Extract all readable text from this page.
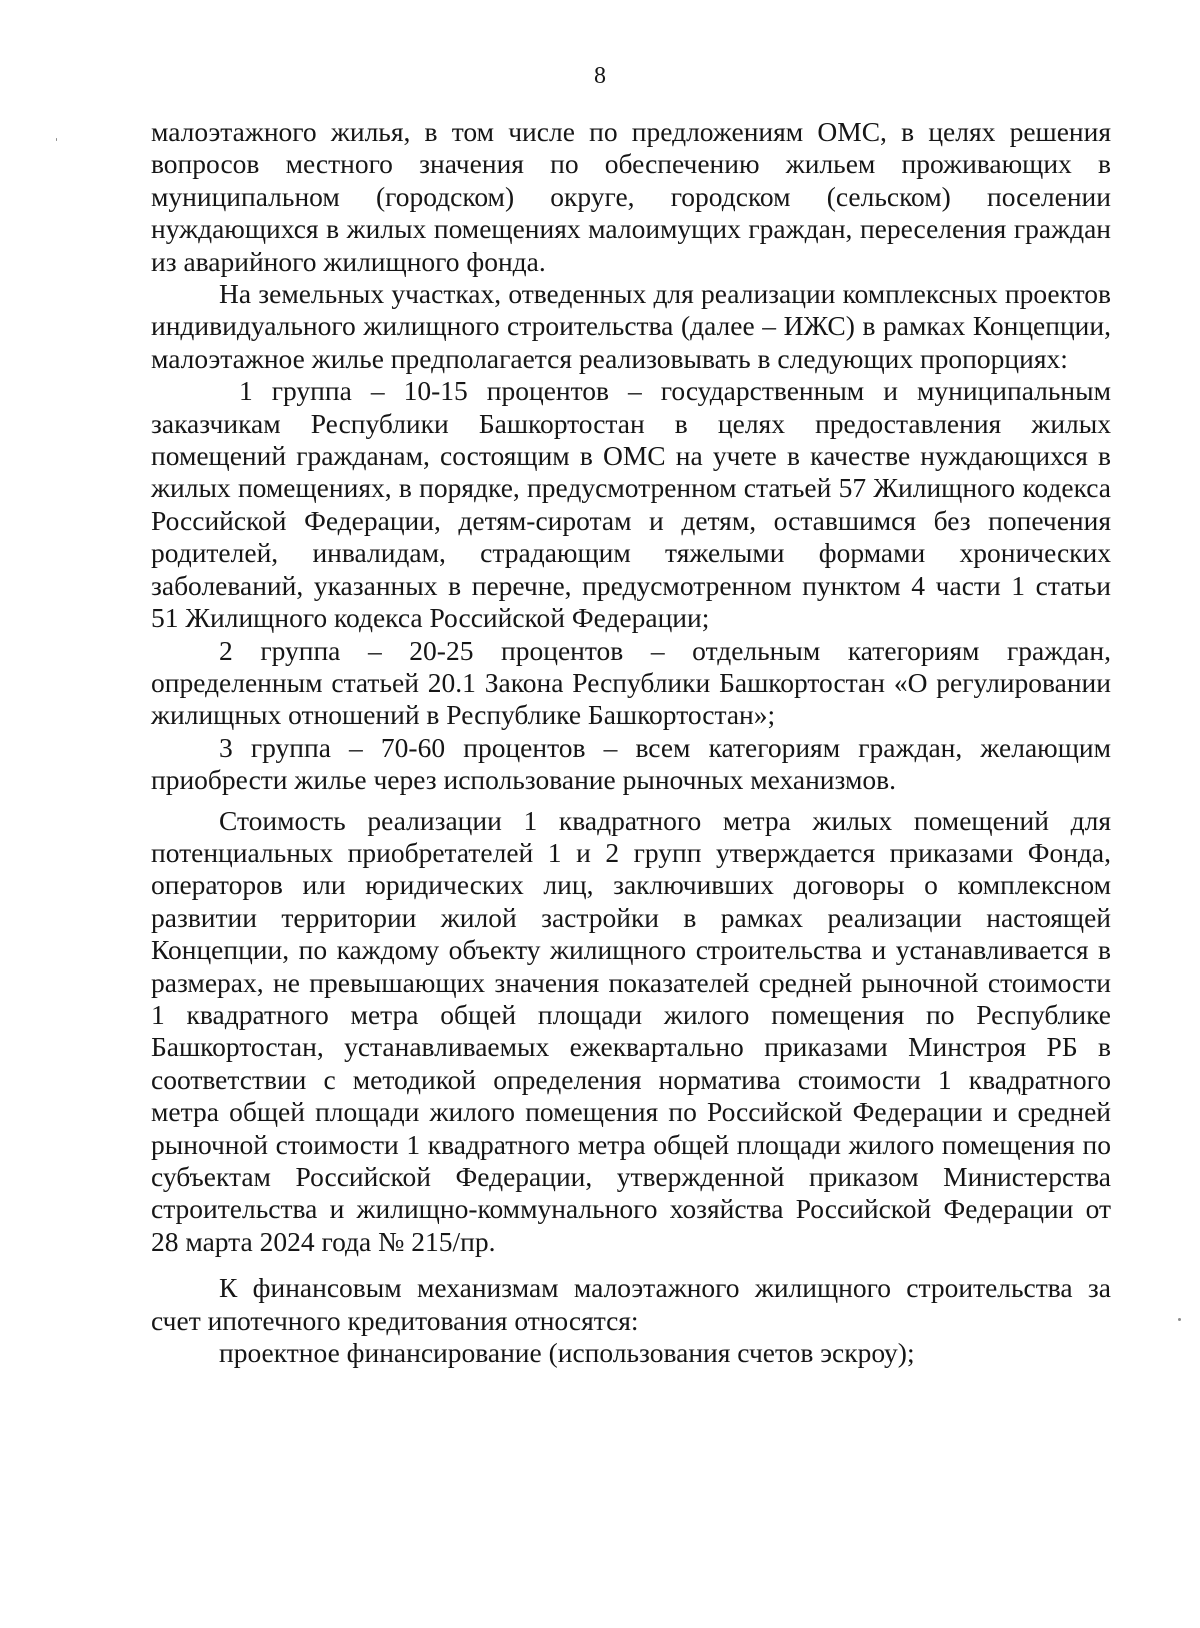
8

малоэтажного жилья, в том числе по предложениям ОМС, в целях решения вопросов местного значения по обеспечению жильем проживающих в муниципальном (городском) округе, городском (сельском) поселении нуждающихся в жилых помещениях малоимущих граждан, переселения граждан из аварийного жилищного фонда.

На земельных участках, отведенных для реализации комплексных проектов индивидуального жилищного строительства (далее – ИЖС) в рамках Концепции, малоэтажное жилье предполагается реализовывать в следующих пропорциях:

1 группа – 10-15 процентов – государственным и муниципальным заказчикам Республики Башкортостан в целях предоставления жилых помещений гражданам, состоящим в ОМС на учете в качестве нуждающихся в жилых помещениях, в порядке, предусмотренном статьей 57 Жилищного кодекса Российской Федерации, детям-сиротам и детям, оставшимся без попечения родителей, инвалидам, страдающим тяжелыми формами хронических заболеваний, указанных в перечне, предусмотренном пунктом 4 части 1 статьи 51 Жилищного кодекса Российской Федерации;

2 группа – 20-25 процентов – отдельным категориям граждан, определенным статьей 20.1 Закона Республики Башкортостан «О регулировании жилищных отношений в Республике Башкортостан»;

3 группа – 70-60 процентов – всем категориям граждан, желающим приобрести жилье через использование рыночных механизмов.

Стоимость реализации 1 квадратного метра жилых помещений для потенциальных приобретателей 1 и 2 групп утверждается приказами Фонда, операторов или юридических лиц, заключивших договоры о комплексном развитии территории жилой застройки в рамках реализации настоящей Концепции, по каждому объекту жилищного строительства и устанавливается в размерах, не превышающих значения показателей средней рыночной стоимости 1 квадратного метра общей площади жилого помещения по Республике Башкортостан, устанавливаемых ежеквартально приказами Минстроя РБ в соответствии с методикой определения норматива стоимости 1 квадратного метра общей площади жилого помещения по Российской Федерации и средней рыночной стоимости 1 квадратного метра общей площади жилого помещения по субъектам Российской Федерации, утвержденной приказом Министерства строительства и жилищно-коммунального хозяйства Российской Федерации от 28 марта 2024 года № 215/пр.

К финансовым механизмам малоэтажного жилищного строительства за счет ипотечного кредитования относятся:

проектное финансирование (использования счетов эскроу);
